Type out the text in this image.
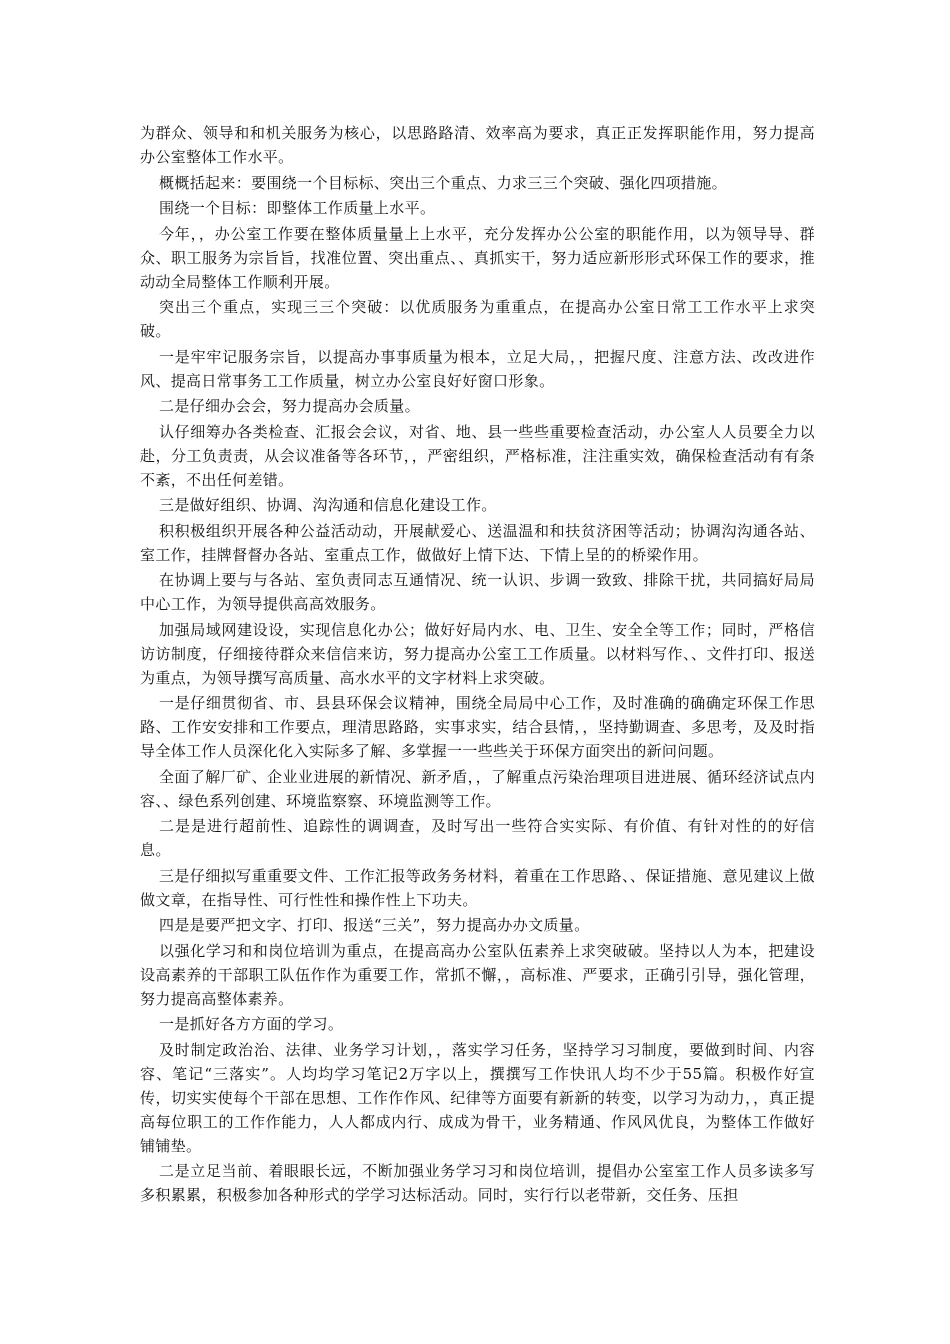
为群众、领导和和机关服务为核心，以思路路清、效率高为要求，真正正发挥职能作用，努力提高办公室整体工作水平。

概概括起来：要围绕一个目标标、突出三个重点、力求三三个突破、强化四项措施。

围绕一个目标：即整体工作质量上水平。

今年，，办公室工作要在整体质量量上上水平，充分发挥办公公室的职能作用，以为领导导、群众、职工服务为宗旨旨，找准位置、突出重点、、真抓实干，努力适应新形形式环保工作的要求，推动动全局整体工作顺利开展。

突出三个重点，实现三三个突破：以优质服务为重重点，在提高办公室日常工工作水平上求突破。

一是牢牢记服务宗旨，以提高办事事质量为根本，立足大局，，把握尺度、注意方法、改改进作风、提高日常事务工工作质量，树立办公室良好好窗口形象。

二是仔细办会会，努力提高办会质量。

认仔细筹办各类检查、汇报会会议，对省、地、县一些些重要检查活动，办公室人人员要全力以赴，分工负责责，从会议准备等各环节，，严密组织，严格标准，注注重实效，确保检查活动有有条不紊，不出任何差错。

三是做好组织、协调、沟沟通和信息化建设工作。

积积极组织开展各种公益活动动，开展献爱心、送温温和和扶贫济困等活动；协调沟沟通各站、室工作，挂牌督督办各站、室重点工作，做做好上情下达、下情上呈的的桥梁作用。

在协调上要与与各站、室负责同志互通情况、统一认识、步调一致致、排除干扰，共同搞好局局中心工作，为领导提供高高效服务。

加强局域网建设设，实现信息化办公；做好好局内水、电、卫生、安全全等工作；同时，严格信访访制度，仔细接待群众来信信来访，努力提高办公室工工作质量。以材料写作、、文件打印、报送为重点，为领导撰写高质量、高水水平的文字材料上求突破。

一是仔细贯彻省、市、县县环保会议精神，围绕全局局中心工作，及时准确的确确定环保工作思路、工作安安排和工作要点，理清思路路，实事求实，结合县情，，坚持勤调查、多思考，及及时指导全体工作人员深化化入实际多了解、多掌握一一些些关于环保方面突出的新问问题。

全面了解厂矿、企业业进展的新情况、新矛盾，，了解重点污染治理项目进进展、循环经济试点内容、、绿色系列创建、环境监察察、环境监测等工作。

二是是进行超前性、追踪性的调调查，及时写出一些符合实实际、有价值、有针对性的的好信息。

三是仔细拟写重重要文件、工作汇报等政务务材料，着重在工作思路、、保证措施、意见建议上做做文章，在指导性、可行性性和操作性上下功夫。

四是是要严把文字、打印、报送“三关”，努力提高办办文质量。

以强化学习和和岗位培训为重点，在提高高办公室队伍素养上求突破破。坚持以人为本，把建设设高素养的干部职工队伍作作为重要工作，常抓不懈，，高标准、严要求，正确引引导，强化管理，努力提高高整体素养。

一是抓好各方方面的学习。

及时制定政治治、法律、业务学习计划，，落实学习任务，坚持学习习制度，要做到时间、内容容、笔记“三落实”。人均均学习笔记2万字以上，撰撰写工作快讯人均不少于55篇。积极作好宣传，切实实使每个干部在思想、工作作作风、纪律等方面要有新新的转变，以学习为动力，，真正提高每位职工的工作作能力，人人都成内行、成成为骨干，业务精通、作风风优良，为整体工作做好铺铺垫。

二是立足当前、着眼眼长远，不断加强业务学习习和岗位培训，提倡办公室室工作人员多读多写多积累累，积极参加各种形式的学学习达标活动。同时，实行行以老带新，交任务、压担
